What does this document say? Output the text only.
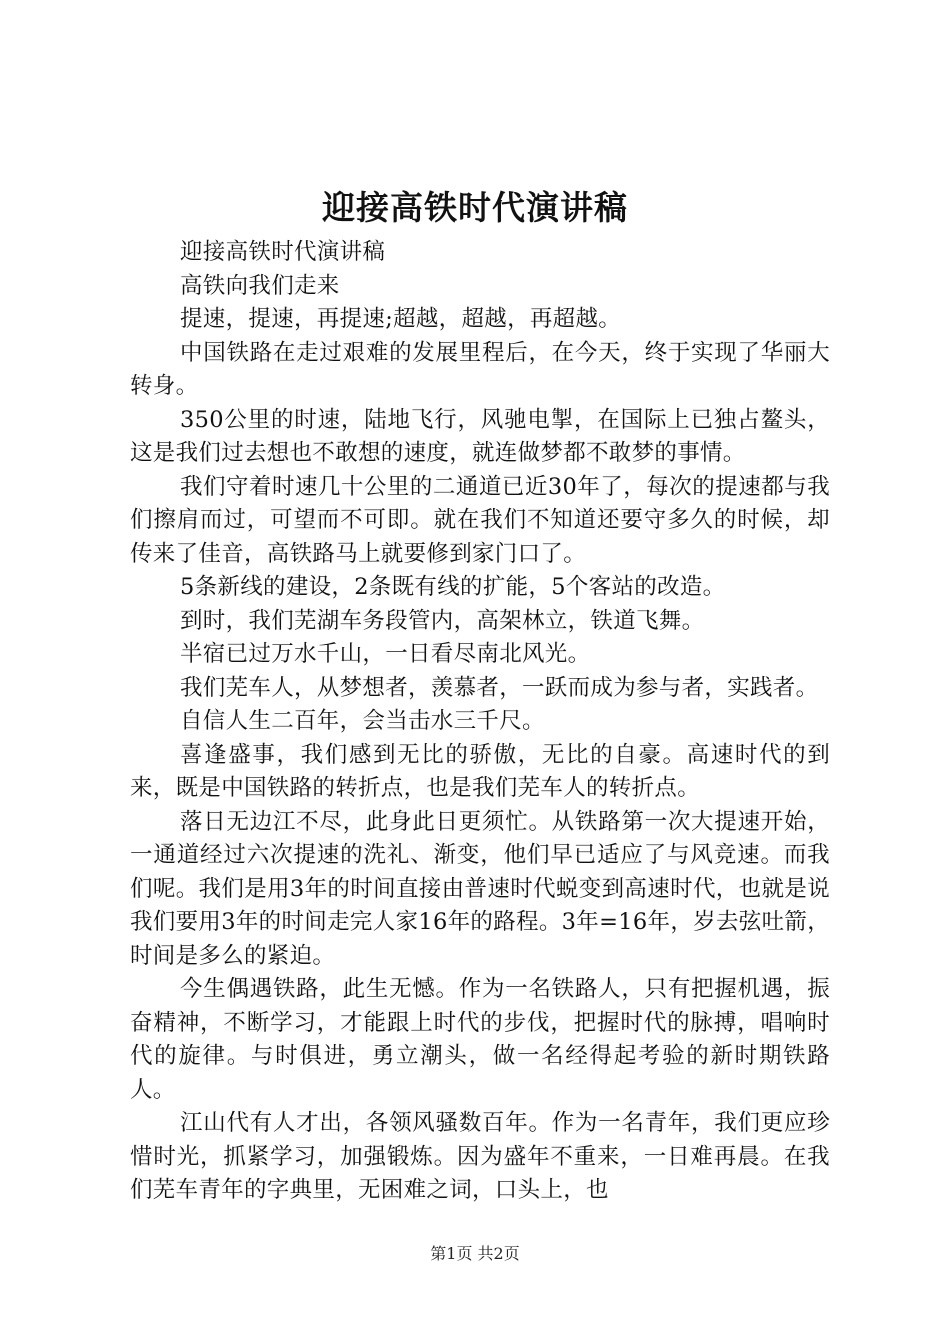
迎接高铁时代演讲稿

迎接高铁时代演讲稿

高铁向我们走来

提速，提速，再提速;超越，超越，再超越。

中国铁路在走过艰难的发展里程后，在今天，终于实现了华丽大转身。

350公里的时速，陆地飞行，风驰电掣，在国际上已独占鳌头，这是我们过去想也不敢想的速度，就连做梦都不敢梦的事情。

我们守着时速几十公里的二通道已近30年了，每次的提速都与我们擦肩而过，可望而不可即。就在我们不知道还要守多久的时候，却传来了佳音，高铁路马上就要修到家门口了。

5条新线的建设，2条既有线的扩能，5个客站的改造。

到时，我们芜湖车务段管内，高架林立，铁道飞舞。

半宿已过万水千山，一日看尽南北风光。

我们芜车人，从梦想者，羡慕者，一跃而成为参与者，实践者。

自信人生二百年，会当击水三千尺。

喜逢盛事，我们感到无比的骄傲，无比的自豪。高速时代的到来，既是中国铁路的转折点，也是我们芜车人的转折点。

落日无边江不尽，此身此日更须忙。从铁路第一次大提速开始，一通道经过六次提速的洗礼、渐变，他们早已适应了与风竞速。而我们呢。我们是用3年的时间直接由普速时代蜕变到高速时代，也就是说我们要用3年的时间走完人家16年的路程。3年=16年，岁去弦吐箭，时间是多么的紧迫。

今生偶遇铁路，此生无憾。作为一名铁路人，只有把握机遇，振奋精神，不断学习，才能跟上时代的步伐，把握时代的脉搏，唱响时代的旋律。与时俱进，勇立潮头，做一名经得起考验的新时期铁路人。

江山代有人才出，各领风骚数百年。作为一名青年，我们更应珍惜时光，抓紧学习，加强锻炼。因为盛年不重来，一日难再晨。在我们芜车青年的字典里，无困难之词，口头上，也

第1页 共2页
